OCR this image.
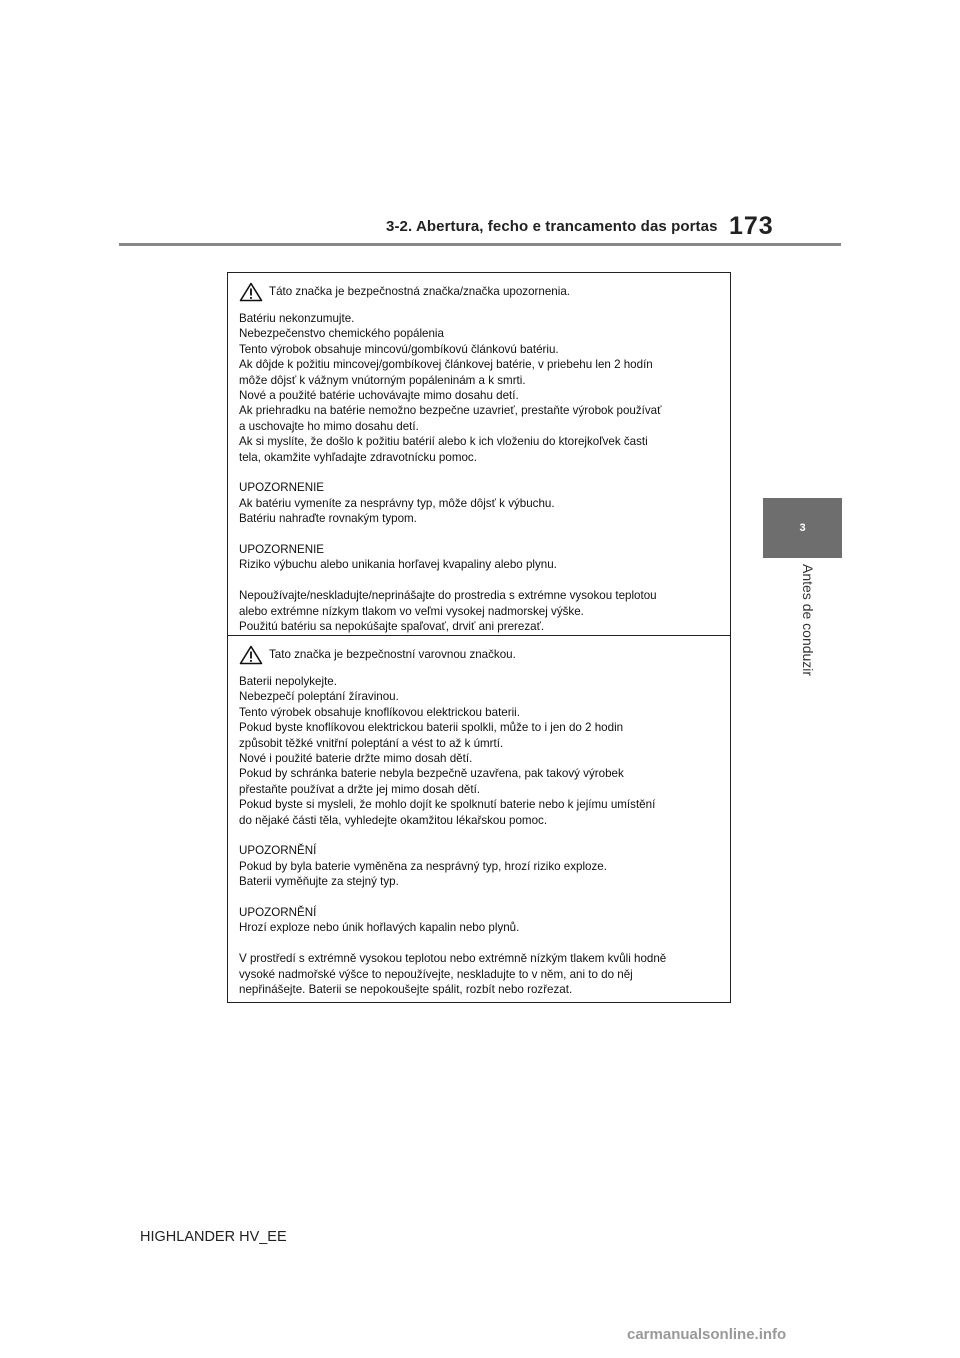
3-2. Abertura, fecho e trancamento das portas 173
3
Antes de conduzir
Táto značka je bezpečnostná značka/značka upozornenia.
Batériu nekonzumujte.
Nebezpečenstvo chemického popálenia
Tento výrobok obsahuje mincovú/gombíkovú článkovú batériu.
Ak dôjde k požitiu mincovej/gombíkovej článkovej batérie, v priebehu len 2 hodín
môže dôjsť k vážnym vnútorným popáleninám a k smrti.
Nové a použité batérie uchovávajte mimo dosahu detí.
Ak priehradku na batérie nemožno bezpečne uzavrieť, prestaňte výrobok používať
a uschovajte ho mimo dosahu detí.
Ak si myslíte, že došlo k požitiu batérií alebo k ich vloženiu do ktorejkoľvek časti
tela, okamžite vyhľadajte zdravotnícku pomoc.
UPOZORNENIE
Ak batériu vymeníte za nesprávny typ, môže dôjsť k výbuchu.
Batériu nahraďte rovnakým typom.
UPOZORNENIE
Riziko výbuchu alebo unikania horľavej kvapaliny alebo plynu.
Nepoužívajte/neskladujte/neprinášajte do prostredia s extrémne vysokou teplotou
alebo extrémne nízkym tlakom vo veľmi vysokej nadmorskej výške.
Použitú batériu sa nepokúšajte spaľovať, drviť ani prerezať.
Tato značka je bezpečnostní varovnou značkou.
Baterii nepolykejte.
Nebezpečí poleptání žíravinou.
Tento výrobek obsahuje knoflíkovou elektrickou baterii.
Pokud byste knoflíkovou elektrickou baterii spolkli, může to i jen do 2 hodin
způsobit těžké vnitřní poleptání a vést to až k úmrtí.
Nové i použité baterie držte mimo dosah dětí.
Pokud by schránka baterie nebyla bezpečně uzavřena, pak takový výrobek
přestaňte používat a držte jej mimo dosah dětí.
Pokud byste si mysleli, že mohlo dojít ke spolknutí baterie nebo k jejímu umístění
do nějaké části těla, vyhledejte okamžitou lékařskou pomoc.
UPOZORNĚNÍ
Pokud by byla baterie vyměněna za nesprávný typ, hrozí riziko exploze.
Baterii vyměňujte za stejný typ.
UPOZORNĚNÍ
Hrozí exploze nebo únik hořlavých kapalin nebo plynů.
V prostředí s extrémně vysokou teplotou nebo extrémně nízkým tlakem kvůli hodně
vysoké nadmořské výšce to nepoužívejte, neskladujte to v něm, ani to do něj
nepřinášejte. Baterii se nepokoušejte spálit, rozbít nebo rozřezat.
HIGHLANDER HV_EE
carmanualsonline.info
